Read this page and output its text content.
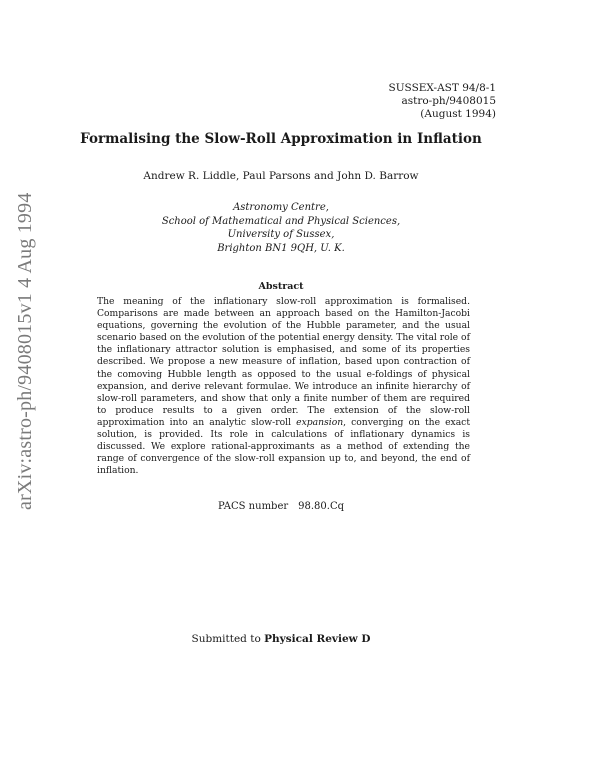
SUSSEX-AST 94/8-1
astro-ph/9408015
(August 1994)
Formalising the Slow-Roll Approximation in Inflation
Andrew R. Liddle, Paul Parsons and John D. Barrow
Astronomy Centre,
School of Mathematical and Physical Sciences,
University of Sussex,
Brighton BN1 9QH, U. K.
Abstract
The meaning of the inflationary slow-roll approximation is formalised. Comparisons are made between an approach based on the Hamilton-Jacobi equations, governing the evolution of the Hubble parameter, and the usual scenario based on the evolution of the potential energy density. The vital role of the inflationary attractor solution is emphasised, and some of its properties described. We propose a new measure of inflation, based upon contraction of the comoving Hubble length as opposed to the usual e-foldings of physical expansion, and derive relevant formulae. We introduce an infinite hierarchy of slow-roll parameters, and show that only a finite number of them are required to produce results to a given order. The extension of the slow-roll approximation into an analytic slow-roll expansion, converging on the exact solution, is provided. Its role in calculations of inflationary dynamics is discussed. We explore rational-approximants as a method of extending the range of convergence of the slow-roll expansion up to, and beyond, the end of inflation.
PACS number 98.80.Cq
Submitted to Physical Review D
arXiv:astro-ph/9408015v1 4 Aug 1994
